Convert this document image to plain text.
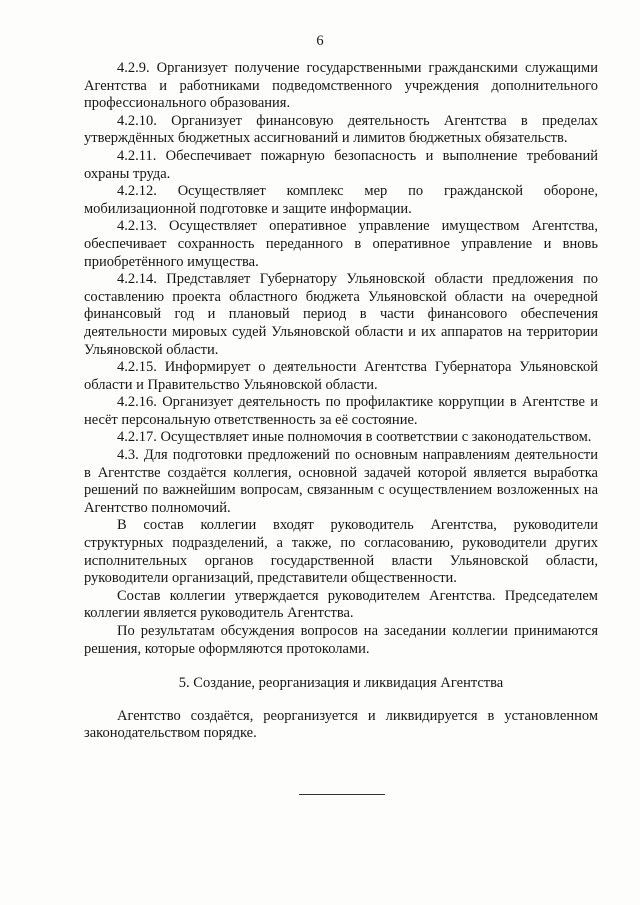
6

4.2.9. Организует получение государственными гражданскими служащими Агентства и работниками подведомственного учреждения дополнительного профессионального образования.

4.2.10. Организует финансовую деятельность Агентства в пределах утверждённых бюджетных ассигнований и лимитов бюджетных обязательств.

4.2.11. Обеспечивает пожарную безопасность и выполнение требований охраны труда.

4.2.12. Осуществляет комплекс мер по гражданской обороне, мобилизационной подготовке и защите информации.

4.2.13. Осуществляет оперативное управление имуществом Агентства, обеспечивает сохранность переданного в оперативное управление и вновь приобретённого имущества.

4.2.14. Представляет Губернатору Ульяновской области предложения по составлению проекта областного бюджета Ульяновской области на очередной финансовый год и плановый период в части финансового обеспечения деятельности мировых судей Ульяновской области и их аппаратов на территории Ульяновской области.

4.2.15. Информирует о деятельности Агентства Губернатора Ульяновской области и Правительство Ульяновской области.

4.2.16. Организует деятельность по профилактике коррупции в Агентстве и несёт персональную ответственность за её состояние.

4.2.17. Осуществляет иные полномочия в соответствии с законодательством.

4.3. Для подготовки предложений по основным направлениям деятельности в Агентстве создаётся коллегия, основной задачей которой является выработка решений по важнейшим вопросам, связанным с осуществлением возложенных на Агентство полномочий.

В состав коллегии входят руководитель Агентства, руководители структурных подразделений, а также, по согласованию, руководители других исполнительных органов государственной власти Ульяновской области, руководители организаций, представители общественности.

Состав коллегии утверждается руководителем Агентства. Председателем коллегии является руководитель Агентства.

По результатам обсуждения вопросов на заседании коллегии принимаются решения, которые оформляются протоколами.

5. Создание, реорганизация и ликвидация Агентства

Агентство создаётся, реорганизуется и ликвидируется в установленном законодательством порядке.
